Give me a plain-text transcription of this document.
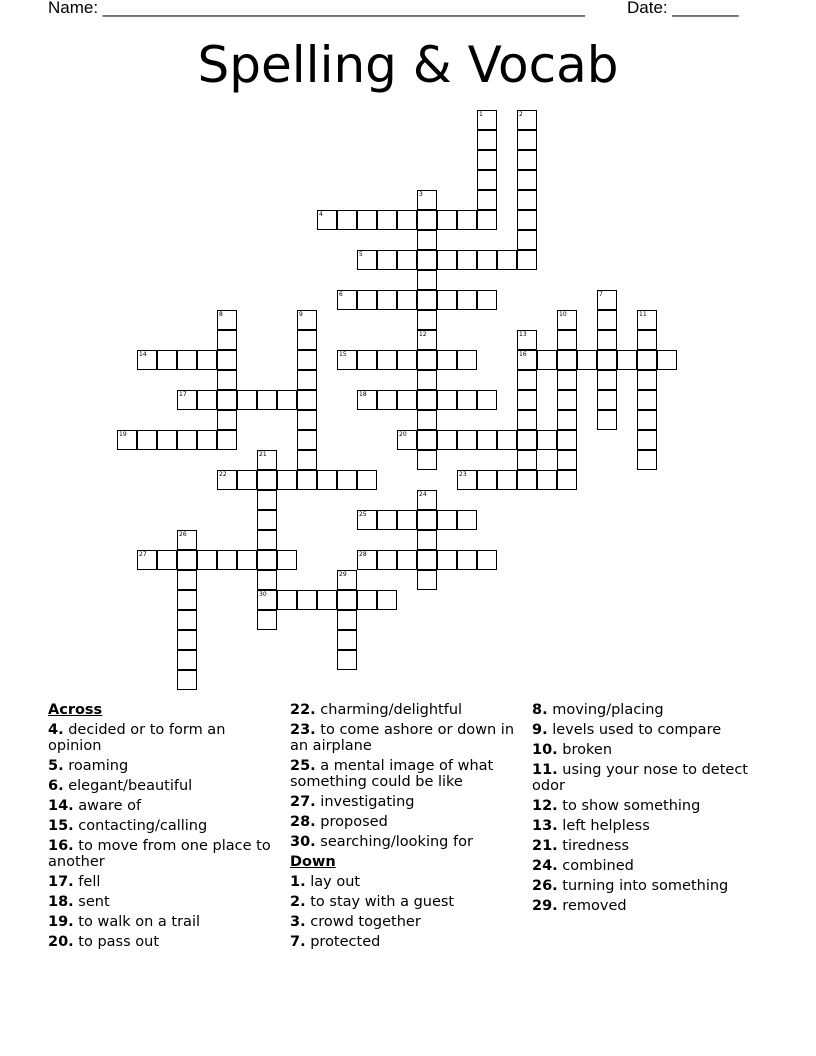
Name: ___________________________________________________ Date: _______
Spelling & Vocab
1	2
3
4
5
6	7
8	9	10	11
12	13
16
14	15
17	18
19	20
21
30
22	23
24
25
26
27	28
29
Across
4. decided or to form an opinion
5. roaming
6. elegant/beautiful
14. aware of
15. contacting/calling
16. to move from one place to another
17. fell
18. sent
19. to walk on a trail
20. to pass out
22. charming/delightful
23. to come ashore or down in an airplane
25. a mental image of what something could be like
27. investigating
28. proposed
30. searching/looking for
Down
1. lay out
2. to stay with a guest
3. crowd together
7. protected
8. moving/placing
9. levels used to compare
10. broken
11. using your nose to detect odor
12. to show something
13. left helpless
21. tiredness
24. combined
26. turning into something
29. removed
